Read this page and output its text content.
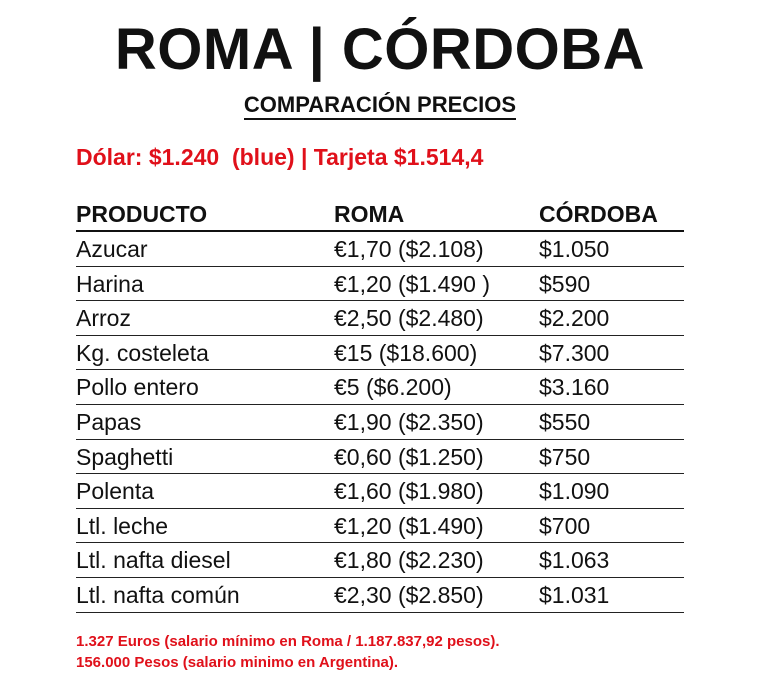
ROMA | CÓRDOBA
COMPARACIÓN PRECIOS
Dólar: $1.240  (blue) | Tarjeta $1.514,4
PRODUCTO	ROMA	CÓRDOBA
Azucar	€1,70 ($2.108) $1.050
Harina	€1,20 ($1.490 ) $590
Arroz	€2,50 ($2.480) $2.200
Kg. costeleta	€15 ($18.600)	$7.300
Pollo entero	€5 ($6.200)	$3.160
Papas	€1,90 ($2.350) $550
Spaghetti	€0,60 ($1.250) $750
Polenta	€1,60 ($1.980) $1.090
Ltl. leche	€1,20 ($1.490) $700
Ltl. nafta diesel	€1,80 ($2.230) $1.063
Ltl. nafta común	€2,30 ($2.850) $1.031
1.327 Euros (salario mínimo en Roma / 1.187.837,92 pesos).
156.000 Pesos (salario minimo en Argentina).
